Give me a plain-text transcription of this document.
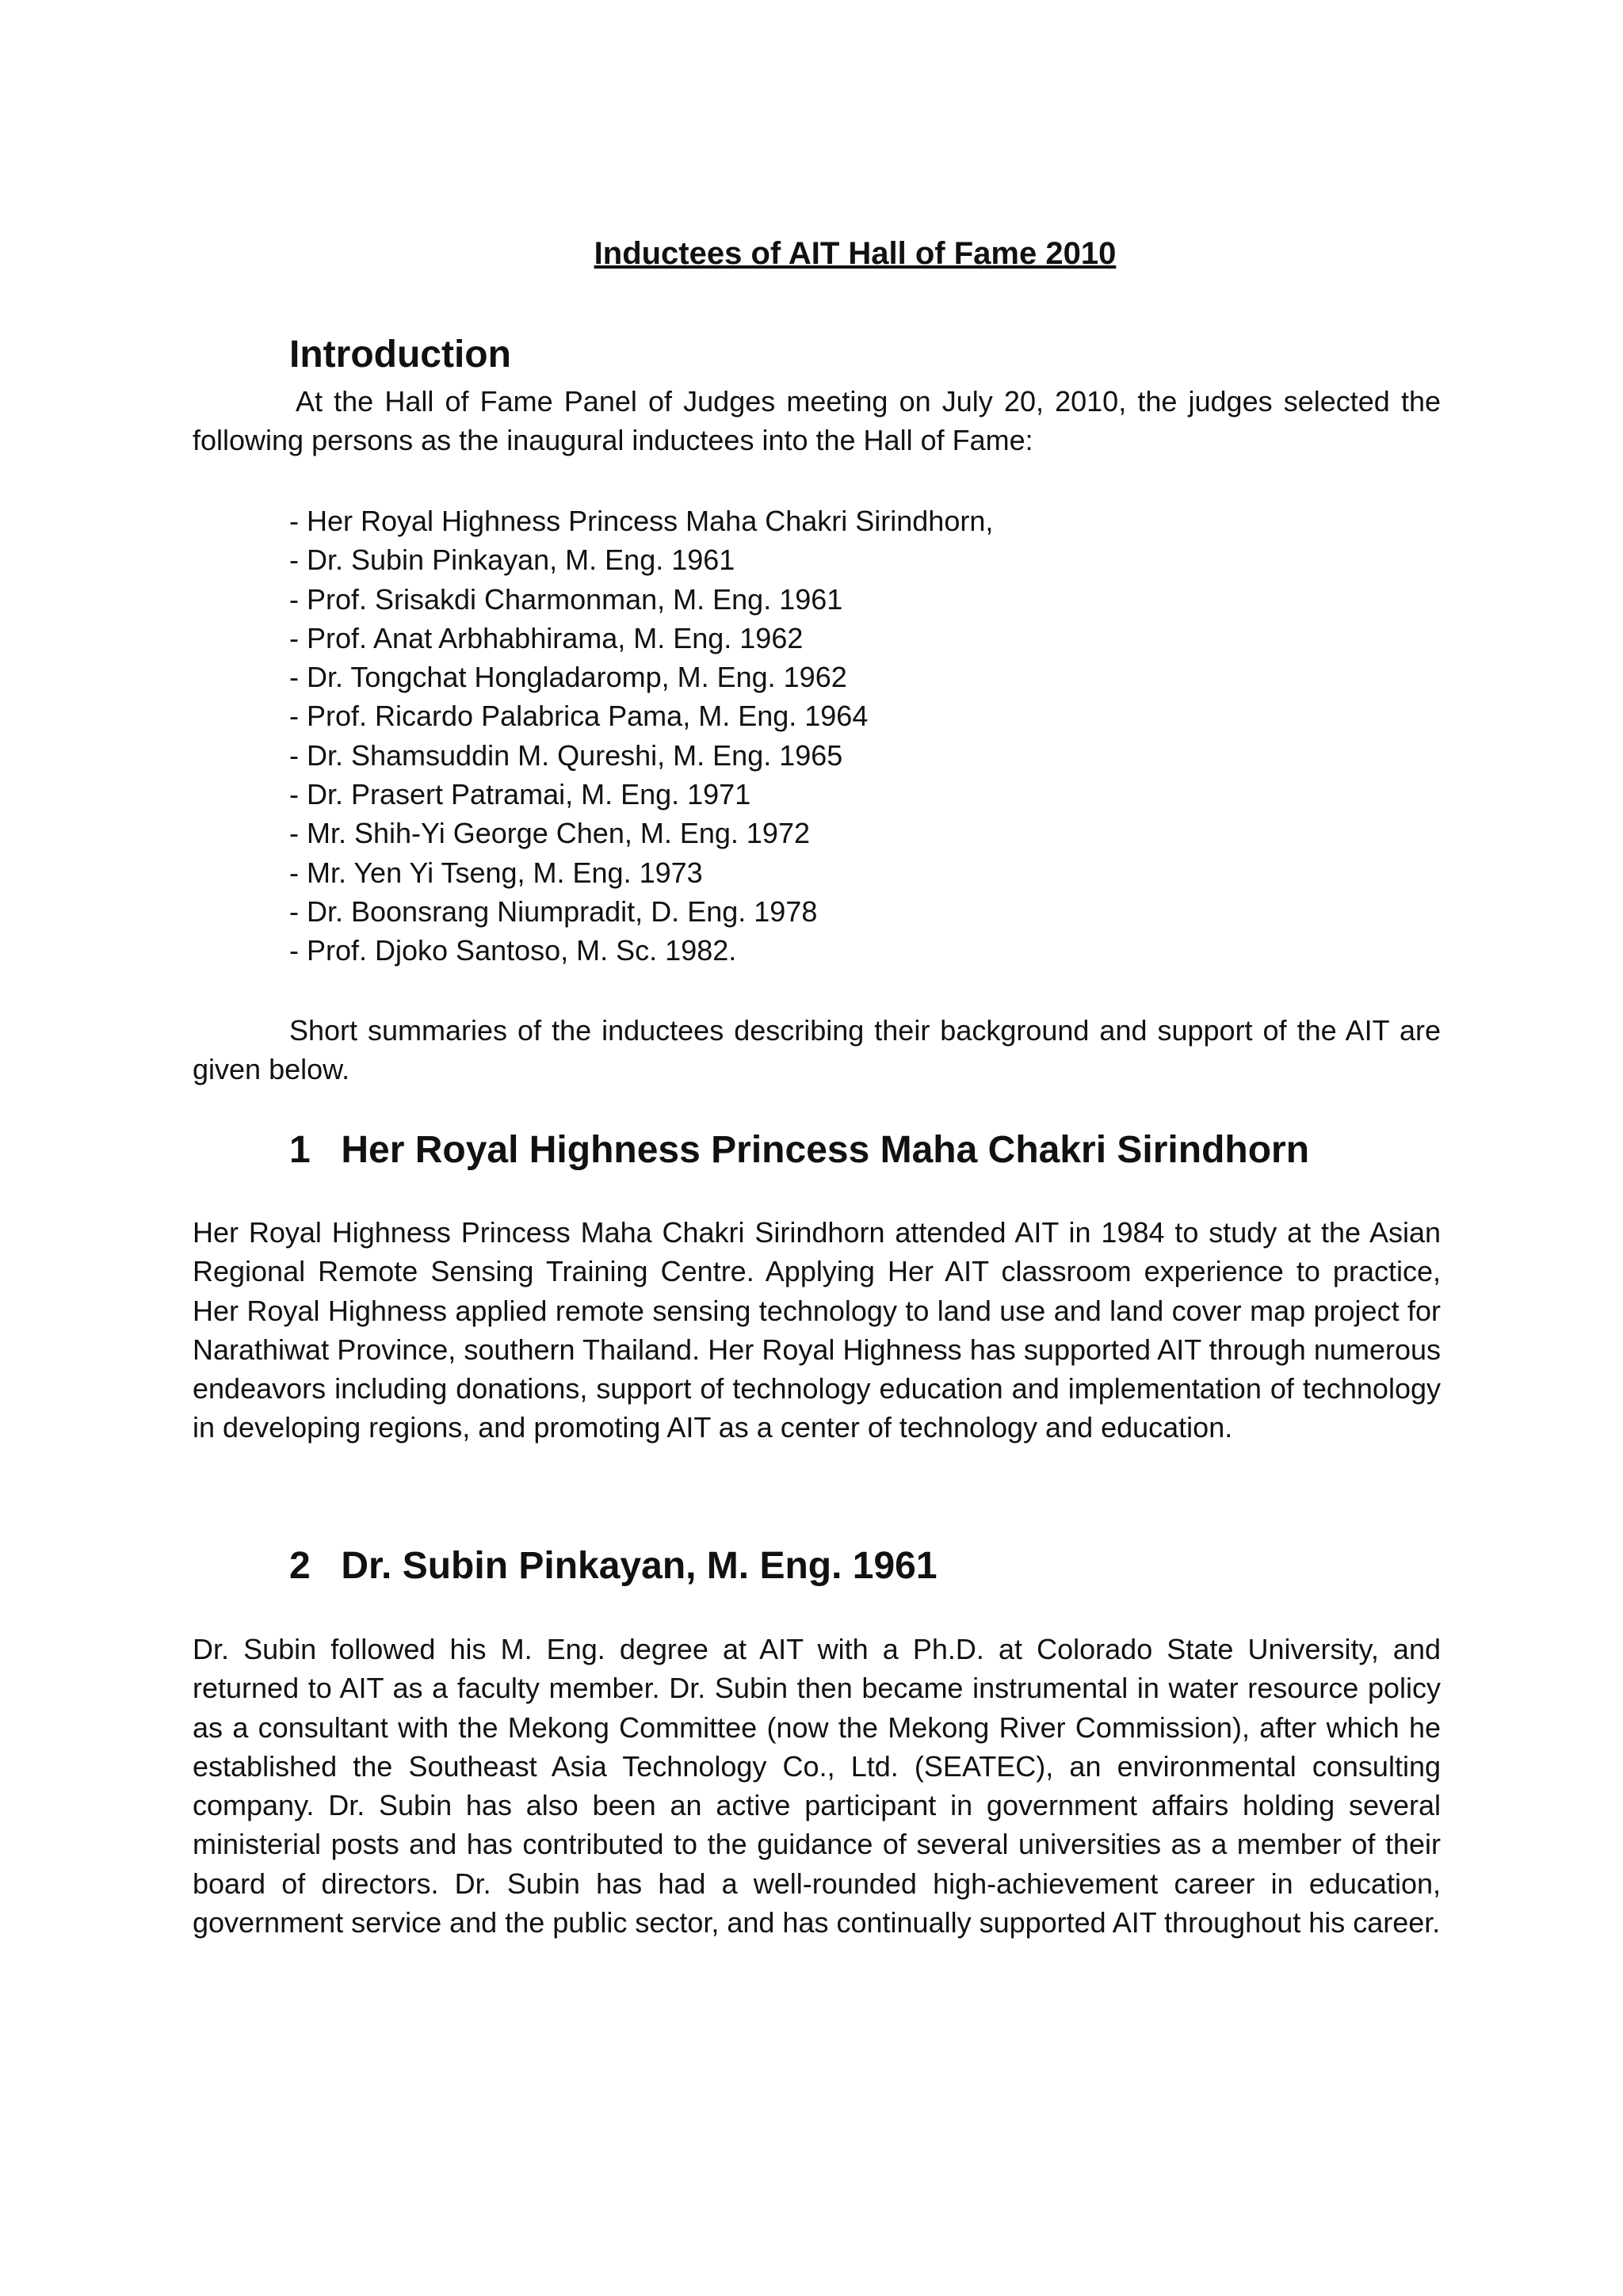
Inductees of AIT Hall of Fame 2010
Introduction

At the Hall of Fame Panel of Judges meeting on July 20, 2010, the judges selected the following persons as the inaugural inductees into the Hall of Fame:

- Her Royal Highness Princess Maha Chakri Sirindhorn,
- Dr. Subin Pinkayan, M. Eng. 1961
- Prof. Srisakdi Charmonman, M. Eng. 1961
- Prof. Anat Arbhabhirama, M. Eng. 1962
- Dr. Tongchat Hongladaromp, M. Eng. 1962
- Prof. Ricardo Palabrica Pama, M. Eng. 1964
- Dr. Shamsuddin M. Qureshi, M. Eng. 1965
- Dr. Prasert Patramai, M. Eng. 1971
- Mr. Shih-Yi George Chen, M. Eng. 1972
- Mr. Yen Yi Tseng, M. Eng. 1973
- Dr. Boonsrang Niumpradit, D. Eng. 1978
- Prof. Djoko Santoso, M. Sc. 1982.

Short summaries of the inductees describing their background and support of the AIT are given below.

1 Her Royal Highness Princess Maha Chakri Sirindhorn

Her Royal Highness Princess Maha Chakri Sirindhorn attended AIT in 1984 to study at the Asian Regional Remote Sensing Training Centre. Applying Her AIT classroom experience to practice, Her Royal Highness applied remote sensing technology to land use and land cover map project for Narathiwat Province, southern Thailand. Her Royal Highness has supported AIT through numerous endeavors including donations, support of technology education and implementation of technology in developing regions, and promoting AIT as a center of technology and education.

2 Dr. Subin Pinkayan, M. Eng. 1961

Dr. Subin followed his M. Eng. degree at AIT with a Ph.D. at Colorado State University, and returned to AIT as a faculty member. Dr. Subin then became instrumental in water resource policy as a consultant with the Mekong Committee (now the Mekong River Commission), after which he established the Southeast Asia Technology Co., Ltd. (SEATEC), an environmental consulting company. Dr. Subin has also been an active participant in government affairs holding several ministerial posts and has contributed to the guidance of several universities as a member of their board of directors. Dr. Subin has had a well-rounded high-achievement career in education, government service and the public sector, and has continually supported AIT throughout his career.
